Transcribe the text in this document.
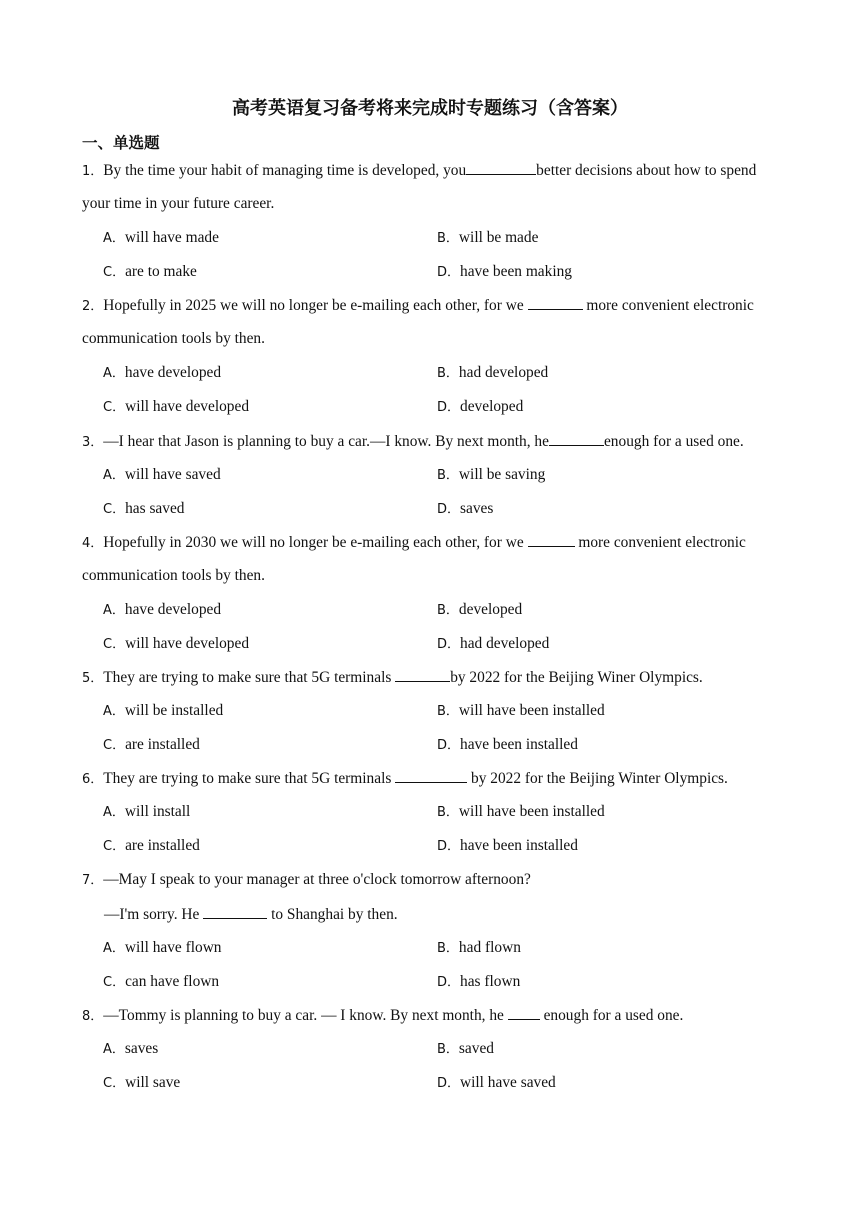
高考英语复习备考将来完成时专题练习（含答案）
一、单选题
1．By the time your habit of managing time is developed, you	better decisions about how to spend
your time in your future career.
A．will have made	B．will be made
C．are to make	D．have been making
2．Hopefully in 2025 we will no longer be e-mailing each other, for we	more convenient electronic
communication tools by then.
A．have developed	B．had developed
C．will have developed	D．developed
3．—I hear that Jason is planning to buy a car.—I know. By next month, he	enough for a used one.
A．will have saved	B．will be saving
C．has saved	D．saves
4．Hopefully in 2030 we will no longer be e-mailing each other, for we	more convenient electronic
communication tools by then.
A．have developed	B．developed
C．will have developed	D．had developed
5．They are trying to make sure that 5G terminals	by 2022 for the Beijing Winer Olympics.
A．will be installed	B．will have been installed
C．are installed	D．have been installed
6．They are trying to make sure that 5G terminals	by 2022 for the Beijing Winter Olympics.
A．will install	B．will have been installed
C．are installed	D．have been installed
7．—May I speak to your manager at three o'clock tomorrow afternoon?
—I'm sorry. He	to Shanghai by then.
A．will have flown	B．had flown
C．can have flown	D．has flown
8．—Tommy is planning to buy a car. — I know. By next month, he  enough for a used one.
A．saves	B．saved
C．will save	D．will have saved
